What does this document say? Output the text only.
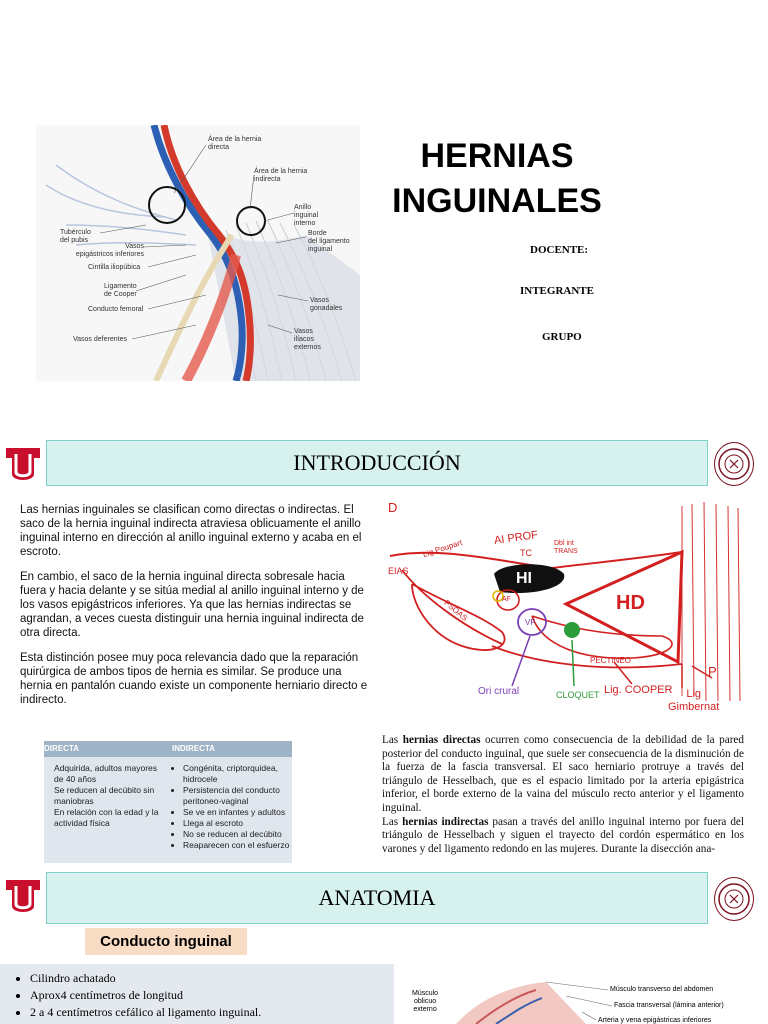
Área de la hernia
directa
Área de la hernia
indirecta
Anillo
inguinal
interno
Borde
del ligamento
inguinal
Tubérculo
del pubis
Vasos
epigástricos inferiores
Cintilla iliopúbica
Ligamento
de Cooper
Conducto femoral
Vasos deferentes
Vasos
gonadales
Vasos
ilíacos
externos
HERNIAS
INGUINALES
DOCENTE:
INTEGRANTE
GRUPO
INTRODUCCIÓN

Las hernias inguinales se clasifican como directas o indirectas. El saco de la hernia inguinal indirecta atraviesa oblicuamente el anillo inguinal interno en dirección al anillo inguinal externo y acaba en el escroto.

En cambio, el saco de la hernia inguinal directa sobresale hacia fuera y hacia delante y se sitúa medial al anillo inguinal interno y de los vasos epigástricos inferiores. Ya que las hernias indirectas se agrandan, a veces cuesta distinguir una hernia inguinal indirecta de otra directa.

Esta distinción posee muy poca relevancia dado que la reparación quirúrgica de ambos tipos de hernia es similar. Se produce una hernia en pantalón cuando existe un componente herniario directo e indirecto.

DIRECTA	INDIRECTA
Adquirida, adultos mayores de 40 años
Se reducen al decúbito sin maniobras
En relación con la edad y la actividad física
• Congénita, criptorquidea, hidrocele
• Persistencia del conducto peritoneo-vaginal
• Se ve en infantes y adultos
• Llega al escroto
• No se reducen al decúbito
• Reaparecen con el esfuerzo
D
Lig Poupart	AI PROF
TC
Dbl int
TRANS
EIAS	HI
HD
PSOAS	AF
VF
PECTINEO
P
Ori crural	CLOQUET Lig. COOPER	Lig
Gimbernat
Las hernias directas ocurren como consecuencia de la debilidad de la pared posterior del conducto inguinal, que suele ser consecuencia de la disminución de la fuerza de la fascia transversal. El saco herniario protruye a través del triángulo de Hesselbach, que es el espacio limitado por la arteria epigástrica inferior, el borde externo de la vaina del músculo recto anterior y el ligamento inguinal.
Las hernias indirectas pasan a través del anillo inguinal interno por fuera del triángulo de Hesselbach y siguen el trayecto del cordón espermático en los varones y del ligamento redondo en las mujeres. Durante la disección ana-
ANATOMIA
Conducto inguinal
• Cilindro achatado
• Aprox4 centímetros de longitud
• 2 a 4 centímetros cefálico al ligamento inguinal.
Músculo
oblicuo
externo
Músculo transverso del abdomen
Fascia transversal (lámina anterior)
Arteria y vena epigástricas inferiores
